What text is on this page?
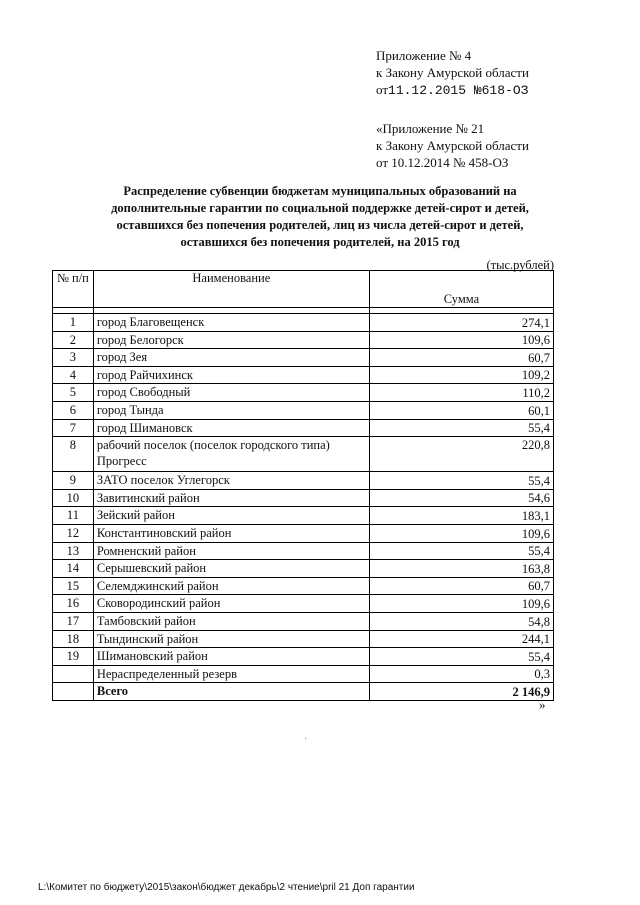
Приложение № 4
к Закону Амурской области
от11.12.2015 №618-ОЗ
«Приложение № 21
к Закону Амурской области
от 10.12.2014 № 458-ОЗ
Распределение субвенции бюджетам муниципальных образований на
дополнительные гарантии по социальной поддержке детей-сирот и детей,
оставшихся без попечения родителей, лиц из числа детей-сирот и детей,
оставшихся без попечения родителей, на 2015 год
(тыс.рублей)
№ п/п	Наименование	Сумма

1	город Благовещенск	274,1
2	город Белогорск	109,6
3	город Зея	60,7
4	город Райчихинск	109,2
5	город Свободный	110,2
6	город Тында	60,1
7	город Шимановск	55,4
8	рабочий поселок (поселок городского типа) Прогресс	220,8
9	ЗАТО поселок Углегорск	55,4
10	Завитинский район	54,6
11	Зейский район	183,1
12	Константиновский район	109,6
13	Ромненский район	55,4
14	Серышевский район	163,8
15	Селемджинский район	60,7
16	Сковородинский район	109,6
17	Тамбовский район	54,8
18	Тындинский район	244,1
19	Шимановский район	55,4
	Нераспределенный резерв	0,3
	Всего	2 146,9
»
·
L:\Комитет по бюджету\2015\закон\бюджет декабрь\2 чтение\pril 21 Доп гарантии
